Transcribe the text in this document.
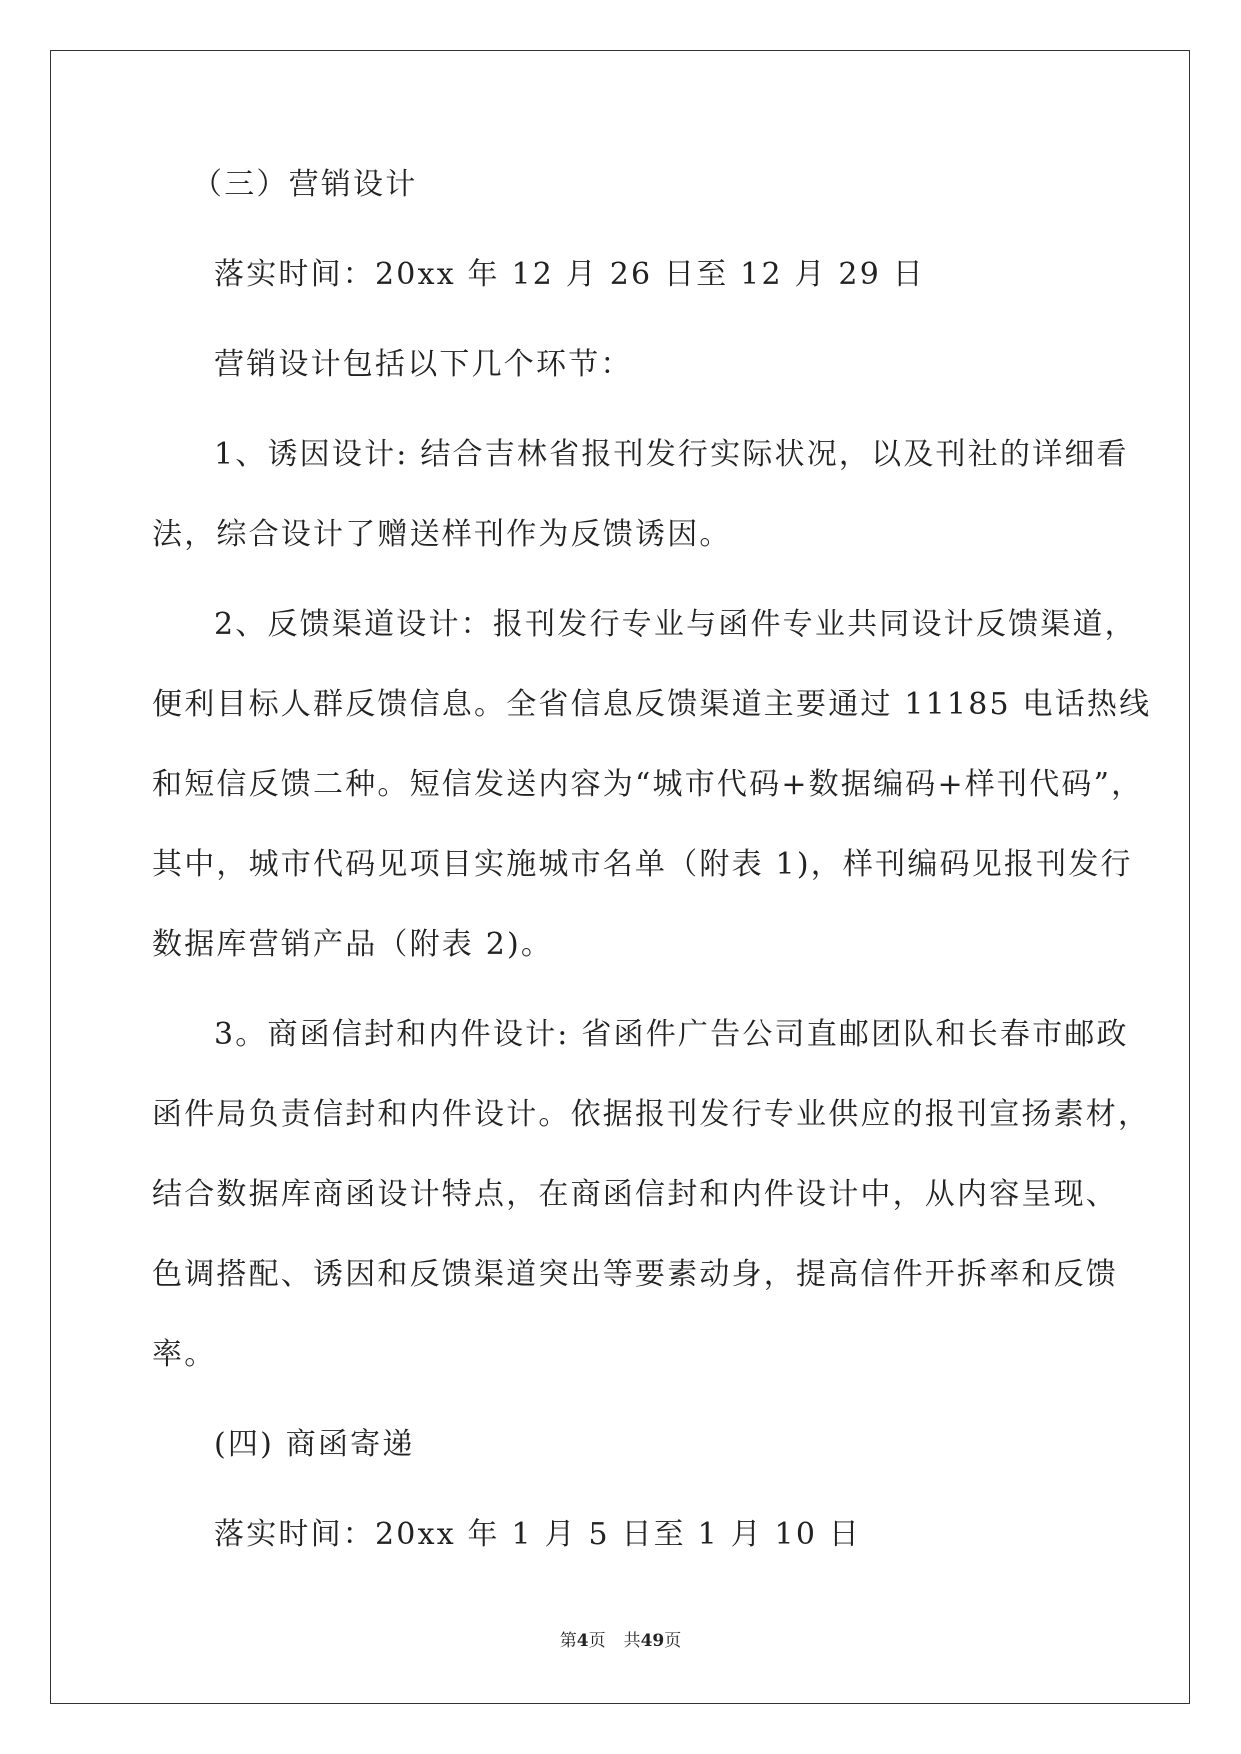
（三）营销设计

落实时间：20xx 年 12 月 26 日至 12 月 29 日

营销设计包括以下几个环节：

1、诱因设计: 结合吉林省报刊发行实际状况，以及刊社的详细看

法，综合设计了赠送样刊作为反馈诱因。

2、反馈渠道设计：报刊发行专业与函件专业共同设计反馈渠道，

便利目标人群反馈信息。全省信息反馈渠道主要通过 11185 电话热线

和短信反馈二种。短信发送内容为“城市代码+数据编码+样刊代码”，

其中，城市代码见项目实施城市名单（附表 1)，样刊编码见报刊发行

数据库营销产品（附表 2)。

3。商函信封和内件设计: 省函件广告公司直邮团队和长春市邮政

函件局负责信封和内件设计。依据报刊发行专业供应的报刊宣扬素材，

结合数据库商函设计特点，在商函信封和内件设计中，从内容呈现、

色调搭配、诱因和反馈渠道突出等要素动身，提高信件开拆率和反馈

率。

(四) 商函寄递

落实时间：20xx 年 1 月 5 日至 1 月 10 日

第4页 共49页
